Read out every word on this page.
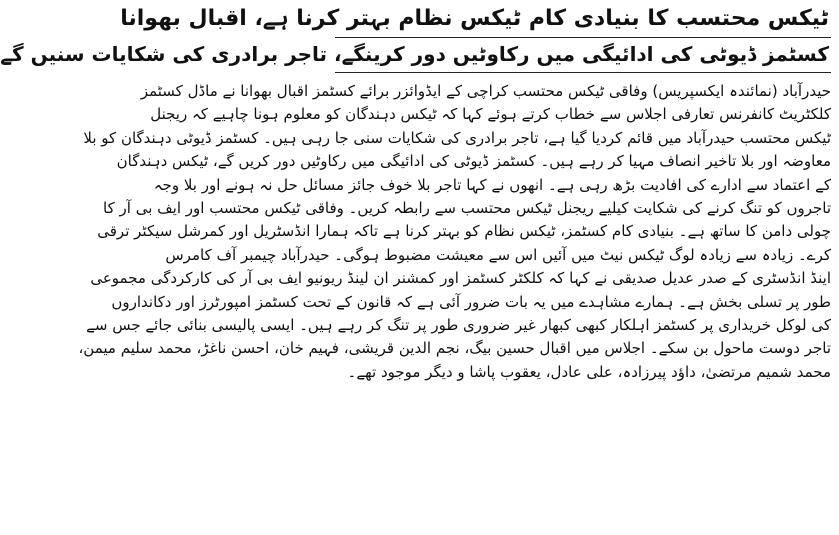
ٹیکس محتسب کا بنیادی کام ٹیکس نظام بہتر کرنا ہے، اقبال بھوانا
کسٹمز ڈیوٹی کی ادائیگی میں رکاوٹیں دور کرینگے، تاجر برادری کی شکایات سنیں گے
حیدرآباد (نمائندہ ایکسپریس) وفاقی ٹیکس محتسب کراچی کے ایڈوائزر برائے کسٹمز اقبال بھوانا نے ماڈل کسٹمز
کلکٹریٹ کانفرنس تعارفی اجلاس سے خطاب کرتے ہوئے کہا کہ ٹیکس دہندگان کو معلوم ہونا چاہیے کہ ریجنل
ٹیکس محتسب حیدرآباد میں قائم کردیا گیا ہے، تاجر برادری کی شکایات سنی جا رہی ہیں۔ کسٹمز ڈیوٹی دہندگان کو بلا
معاوضہ اور بلا تاخیر انصاف مہیا کر رہے ہیں۔ کسٹمز ڈیوٹی کی ادائیگی میں رکاوٹیں دور کریں گے، ٹیکس دہندگان
کے اعتماد سے ادارے کی افادیت بڑھ رہی ہے۔ انھوں نے کہا تاجر بلا خوف جائز مسائل حل نہ ہونے اور بلا وجہ
تاجروں کو تنگ کرنے کی شکایت کیلیے ریجنل ٹیکس محتسب سے رابطہ کریں۔ وفاقی ٹیکس محتسب اور ایف بی آر کا
چولی دامن کا ساتھ ہے۔ بنیادی کام کسٹمز، ٹیکس نظام کو بہتر کرنا ہے تاکہ ہمارا انڈسٹریل اور کمرشل سیکٹر ترقی
کرے۔ زیادہ سے زیادہ لوگ ٹیکس نیٹ میں آئیں اس سے معیشت مضبوط ہوگی۔ حیدرآباد چیمبر آف کامرس
اینڈ انڈسٹری کے صدر عدیل صدیقی نے کہا کہ کلکٹر کسٹمز اور کمشنر ان لینڈ ریونیو ایف بی آر کی کارکردگی مجموعی
طور پر تسلی بخش ہے۔ ہمارے مشاہدے میں یہ بات ضرور آئی ہے کہ قانون کے تحت کسٹمز امپورٹرز اور دکانداروں
کی لوکل خریداری پر کسٹمز اہلکار کبھی کبھار غیر ضروری طور پر تنگ کر رہے ہیں۔ ایسی پالیسی بنائی جائے جس سے
تاجر دوست ماحول بن سکے۔ اجلاس میں اقبال حسین بیگ، نجم الدین قریشی، فہیم خان، احسن ناغڑ، محمد سلیم میمن،
محمد شمیم مرتضیٰ، داؤد پیرزادہ، علی عادل، یعقوب پاشا و دیگر موجود تھے۔
